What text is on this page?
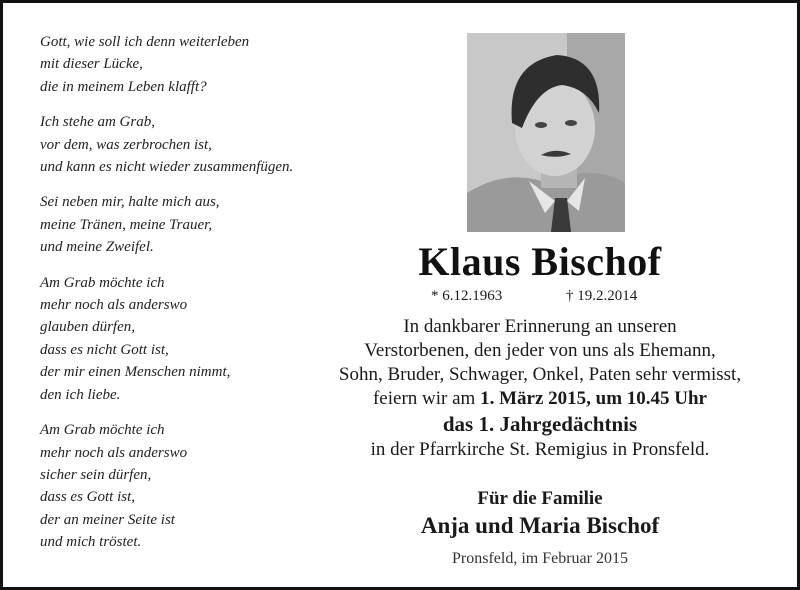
Gott, wie soll ich denn weiterleben
mit dieser Lücke,
die in meinem Leben klafft?
Ich stehe am Grab,
vor dem, was zerbrochen ist,
und kann es nicht wieder zusammenfügen.
Sei neben mir, halte mich aus,
meine Tränen, meine Trauer,
und meine Zweifel.
Am Grab möchte ich
mehr noch als anderswo
glauben dürfen,
dass es nicht Gott ist,
der mir einen Menschen nimmt,
den ich liebe.
Am Grab möchte ich
mehr noch als anderswo
sicher sein dürfen,
dass es Gott ist,
der an meiner Seite ist
und mich tröstet.
Klaus Bischof
* 6.12.1963	† 19.2.2014
In dankbarer Erinnerung an unseren
Verstorbenen, den jeder von uns als Ehemann,
Sohn, Bruder, Schwager, Onkel, Paten sehr vermisst,
feiern wir am 1. März 2015, um 10.45 Uhr
das 1. Jahrgedächtnis
in der Pfarrkirche St. Remigius in Pronsfeld.
Für die Familie
Anja und Maria Bischof
Pronsfeld, im Februar 2015
